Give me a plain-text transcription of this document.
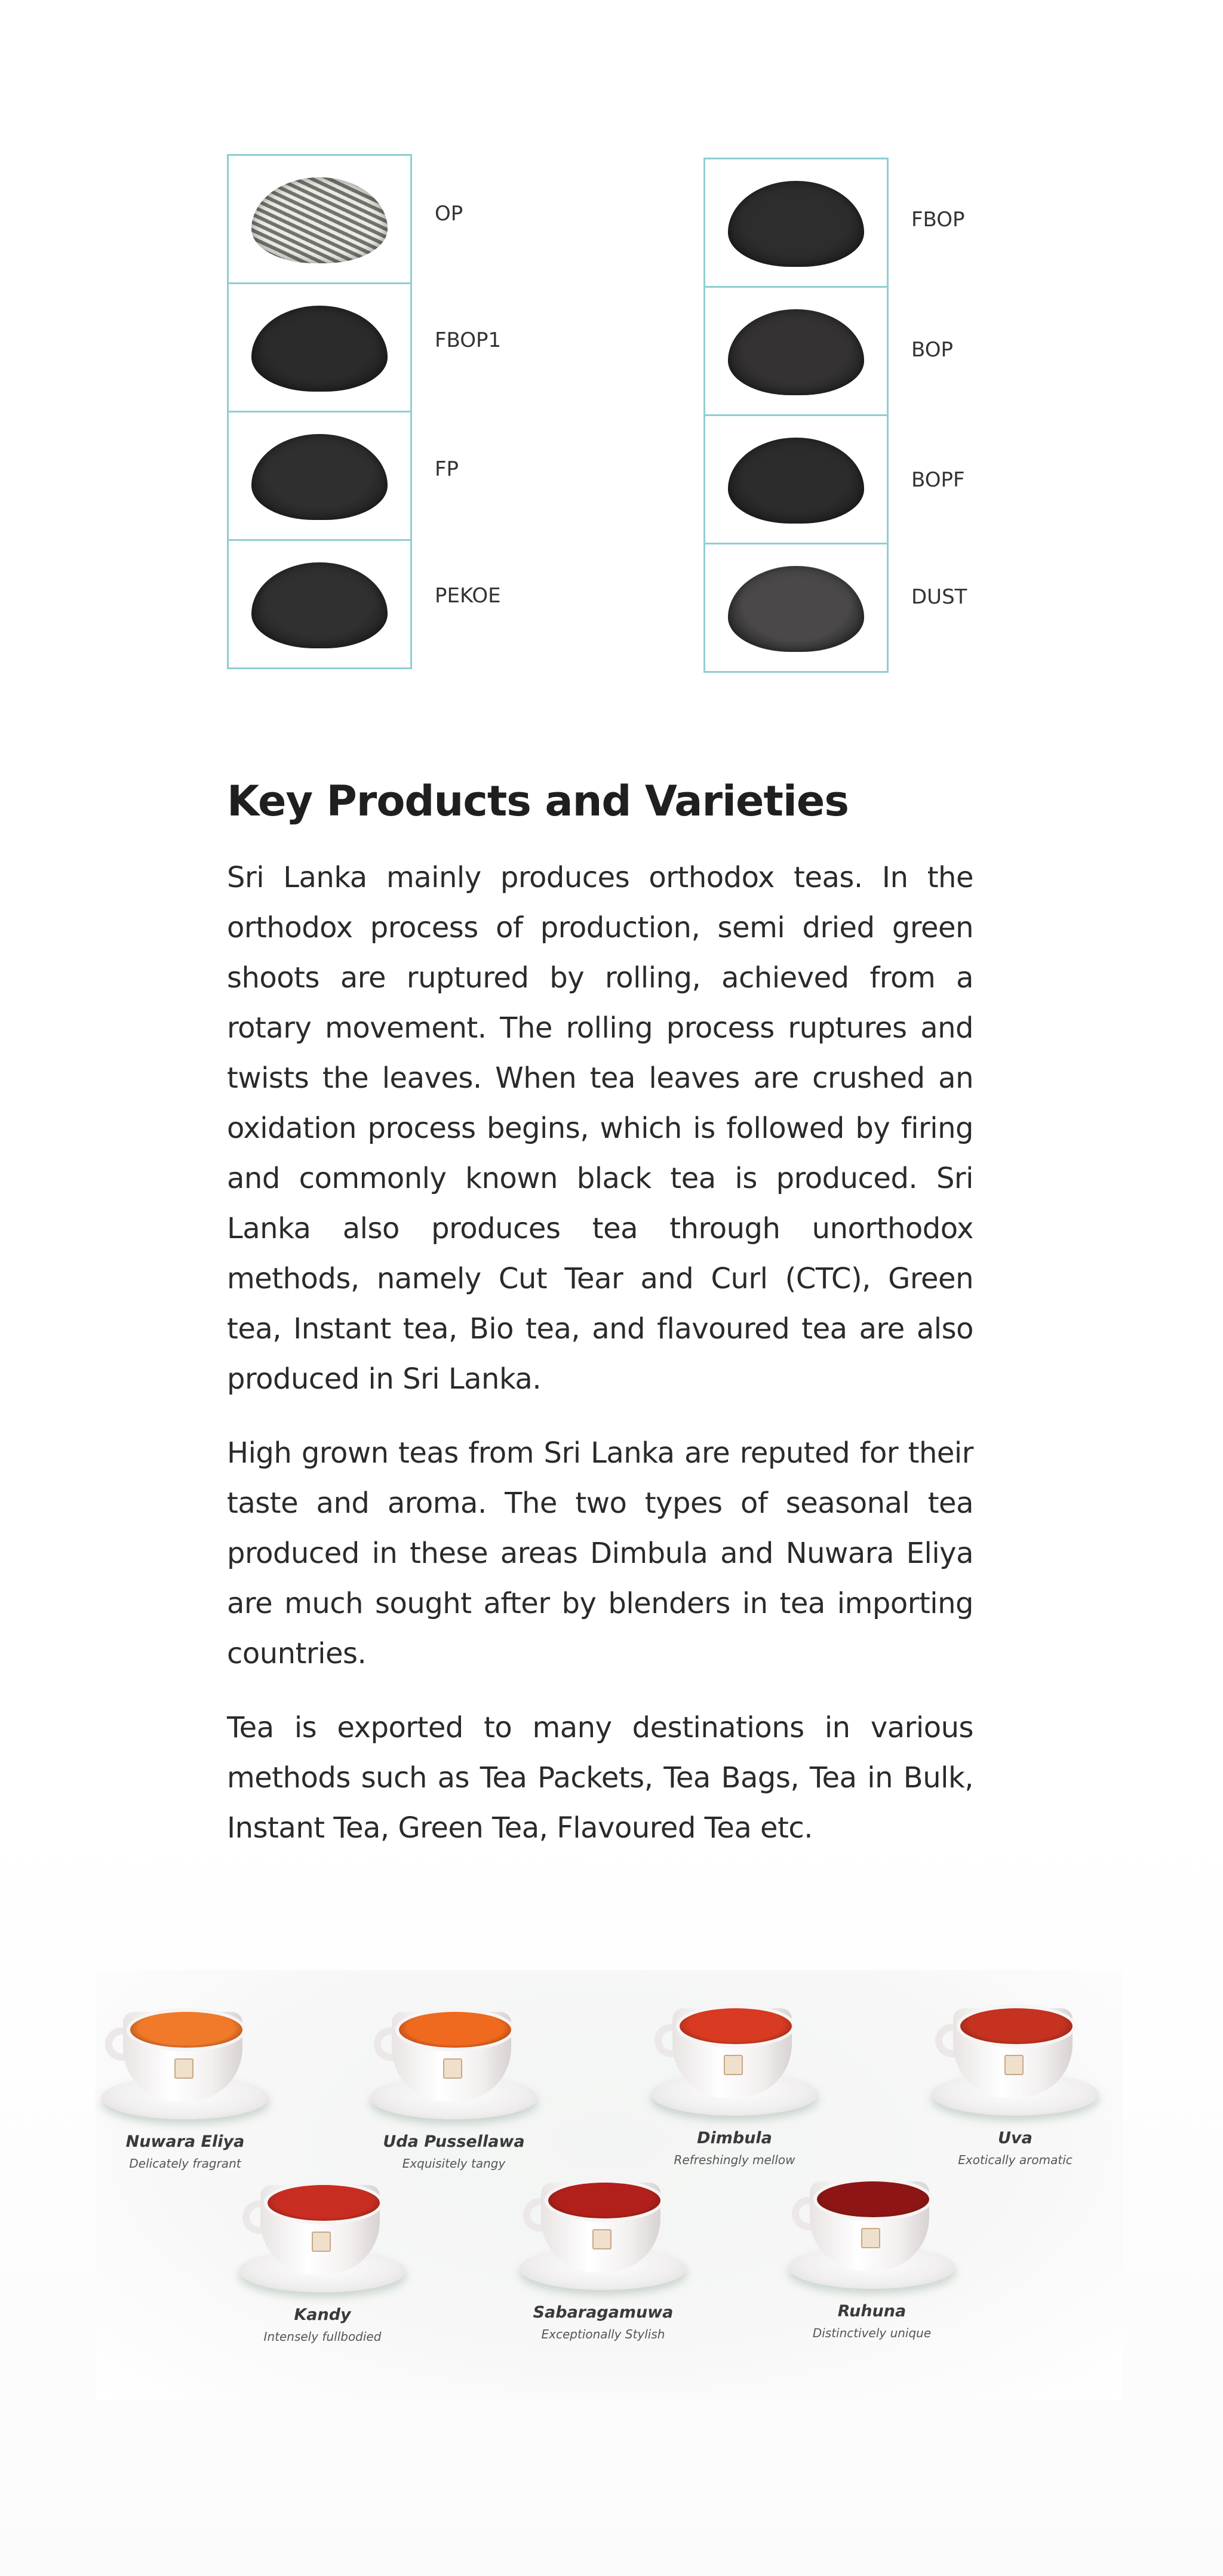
OP
FBOP1
FP
PEKOE
FBOP
BOP
BOPF
DUST
Key Products and Varieties

Sri Lanka mainly produces orthodox teas. In the orthodox process of production, semi dried green shoots are ruptured by rolling, achieved from a rotary movement. The rolling process ruptures and twists the leaves. When tea leaves are crushed an oxidation process begins, which is followed by firing and commonly known black tea is produced. Sri Lanka also produces tea through unorthodox methods, namely Cut Tear and Curl (CTC), Green tea, Instant tea, Bio tea, and flavoured tea are also produced in Sri Lanka.

High grown teas from Sri Lanka are reputed for their taste and aroma. The two types of seasonal tea produced in these areas Dimbula and Nuwara Eliya are much sought after by blenders in tea importing countries.

Tea is exported to many destinations in various methods such as Tea Packets, Tea Bags, Tea in Bulk, Instant Tea, Green Tea, Flavoured Tea etc.

Nuwara Eliya
Delicately fragrant
Uda Pussellawa
Exquisitely tangy
Dimbula
Refreshingly mellow
Uva
Exotically aromatic
Kandy
Intensely fullbodied
Sabaragamuwa
Exceptionally Stylish
Ruhuna
Distinctively unique
